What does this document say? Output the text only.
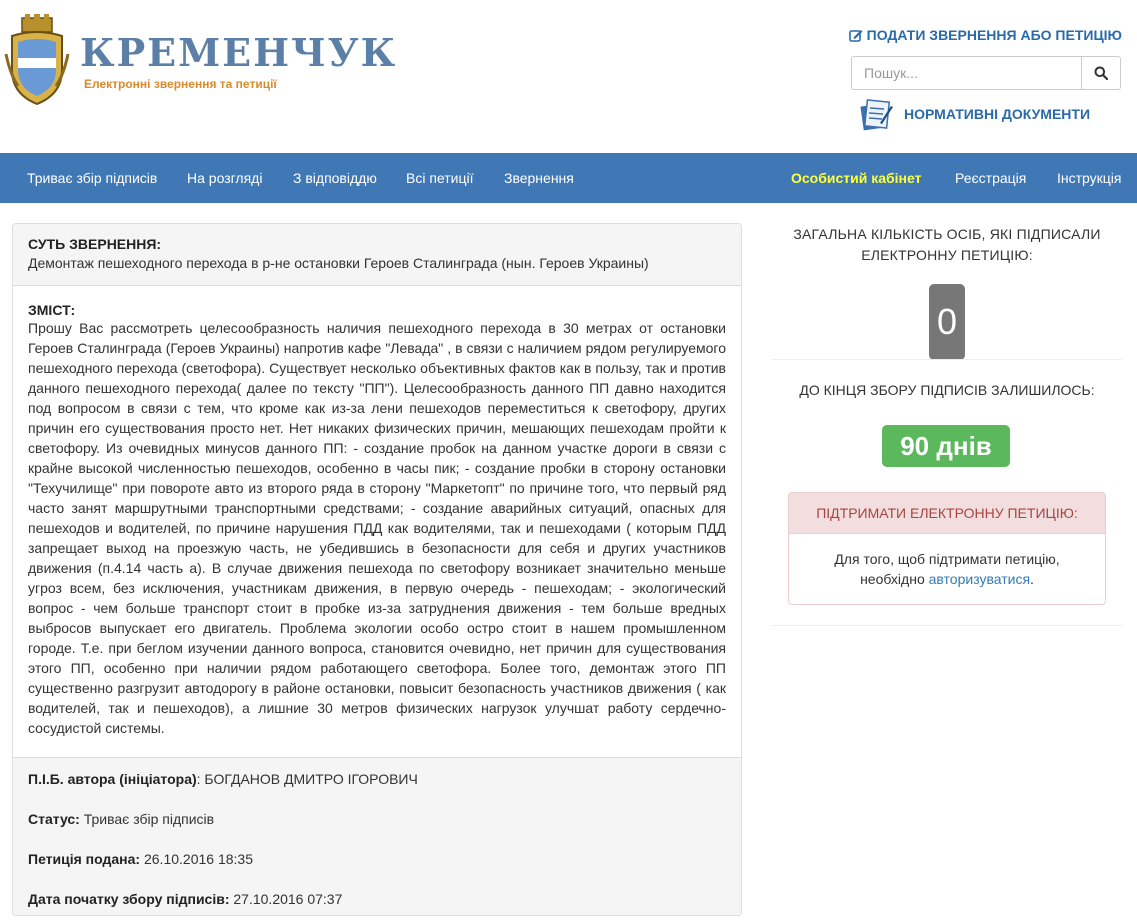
КРЕМЕНЧУК
Електронні звернення та петиції
ПОДАТИ ЗВЕРНЕННЯ АБО ПЕТИЦІЮ
Пошук...
НОРМАТИВНІ ДОКУМЕНТИ
Триває збір підписів На розгляді З відповіддю Всі петиції Звернення	Особистий кабінет Реєстрація Інструкція
СУТЬ ЗВЕРНЕННЯ:
Демонтаж пешеходного перехода в р-не остановки Героев Сталинграда (нын. Героев Украины)
ЗМІСТ:
Прошу Вас рассмотреть целесообразность наличия пешеходного перехода в 30 метрах от остановки Героев Сталинграда (Героев Украины) напротив кафе "Левада" , в связи с наличием рядом регулируемого пешеходного перехода (светофора). Существует несколько объективных фактов как в пользу, так и против данного пешеходного перехода( далее по тексту "ПП"). Целесообразность данного ПП давно находится под вопросом в связи с тем, что кроме как из-за лени пешеходов переместиться к светофору, других причин его существования просто нет. Нет никаких физических причин, мешающих пешеходам пройти к светофору. Из очевидных минусов данного ПП: - создание пробок на данном участке дороги в связи с крайне высокой численностью пешеходов, особенно в часы пик; - создание пробки в сторону остановки "Техучилище" при повороте авто из второго ряда в сторону "Маркетопт" по причине того, что первый ряд часто занят маршрутными транспортными средствами; - создание аварийных ситуаций, опасных для пешеходов и водителей, по причине нарушения ПДД как водителями, так и пешеходами ( которым ПДД запрещает выход на проезжую часть, не убедившись в безопасности для себя и других участников движения (п.4.14 часть а). В случае движения пешехода по светофору возникает значительно меньше угроз всем, без исключения, участникам движения, в первую очередь - пешеходам; - экологический вопрос - чем больше транспорт стоит в пробке из-за затруднения движения - тем больше вредных выбросов выпускает его двигатель. Проблема экологии особо остро стоит в нашем промышленном городе. Т.е. при беглом изучении данного вопроса, становится очевидно, нет причин для существования этого ПП, особенно при наличии рядом работающего светофора. Более того, демонтаж этого ПП существенно разгрузит автодорогу в районе остановки, повысит безопасность участников движения ( как водителей, так и пешеходов), а лишние 30 метров физических нагрузок улучшат работу сердечно-сосудистой системы.
П.І.Б. автора (ініціатора): БОГДАНОВ ДМИТРО ІГОРОВИЧ
Статус: Триває збір підписів
Петиція подана: 26.10.2016 18:35
Дата початку збору підписів: 27.10.2016 07:37
ЗАГАЛЬНА КІЛЬКІСТЬ ОСІБ, ЯКІ ПІДПИСАЛИ ЕЛЕКТРОННУ ПЕТИЦІЮ:
0
ДО КІНЦЯ ЗБОРУ ПІДПИСІВ ЗАЛИШИЛОСЬ:
90 днів
ПІДТРИМАТИ ЕЛЕКТРОННУ ПЕТИЦІЮ:
Для того, щоб підтримати петицію,
необхідно авторизуватися.
